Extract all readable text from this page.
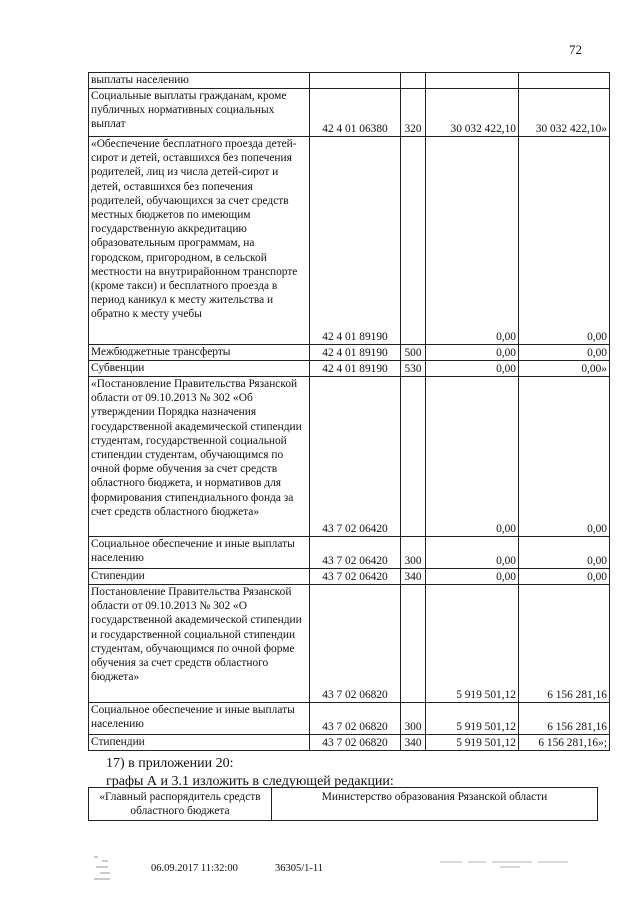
72
выплаты населению				
Социальные выплаты гражданам, кроме публичных нормативных социальных выплат	42 4 01 06380	320	30 032 422,10	30 032 422,10»
«Обеспечение бесплатного проезда детей-сирот и детей, оставшихся без попечения родителей, лиц из числа детей-сирот и детей, оставшихся без попечения родителей, обучающихся за счет средств местных бюджетов по имеющим государственную аккредитацию образовательным программам, на городском, пригородном, в сельской местности на внутрирайонном транспорте (кроме такси) и бесплатного проезда в период каникул к месту жительства и обратно к месту учебы	42 4 01 89190		0,00	0,00
Межбюджетные трансферты	42 4 01 89190	500	0,00	0,00
Субвенции	42 4 01 89190	530	0,00	0,00»
«Постановление Правительства Рязанской области от 09.10.2013 № 302 «Об утверждении Порядка назначения государственной академической стипендии студентам, государственной социальной стипендии студентам, обучающимся по очной форме обучения за счет средств областного бюджета, и нормативов для формирования стипендиального фонда за счет средств областного бюджета»	43 7 02 06420		0,00	0,00
Социальное обеспечение и иные выплаты населению	43 7 02 06420	300	0,00	0,00
Стипендии	43 7 02 06420	340	0,00	0,00
Постановление Правительства Рязанской области от 09.10.2013 № 302 «О государственной академической стипендии и государственной социальной стипендии студентам, обучающимся по очной форме обучения за счет средств областного бюджета»	43 7 02 06820		5 919 501,12	6 156 281,16
Социальное обеспечение и иные выплаты населению	43 7 02 06820	300	5 919 501,12	6 156 281,16
Стипендии	43 7 02 06820	340	5 919 501,12	6 156 281,16»;
17) в приложении 20:
графы А и 3.1 изложить в следующей редакции:
«Главный распорядитель средств областного бюджета	Министерство образования Рязанской области
06.09.2017 11:32:00	36305/1-11
